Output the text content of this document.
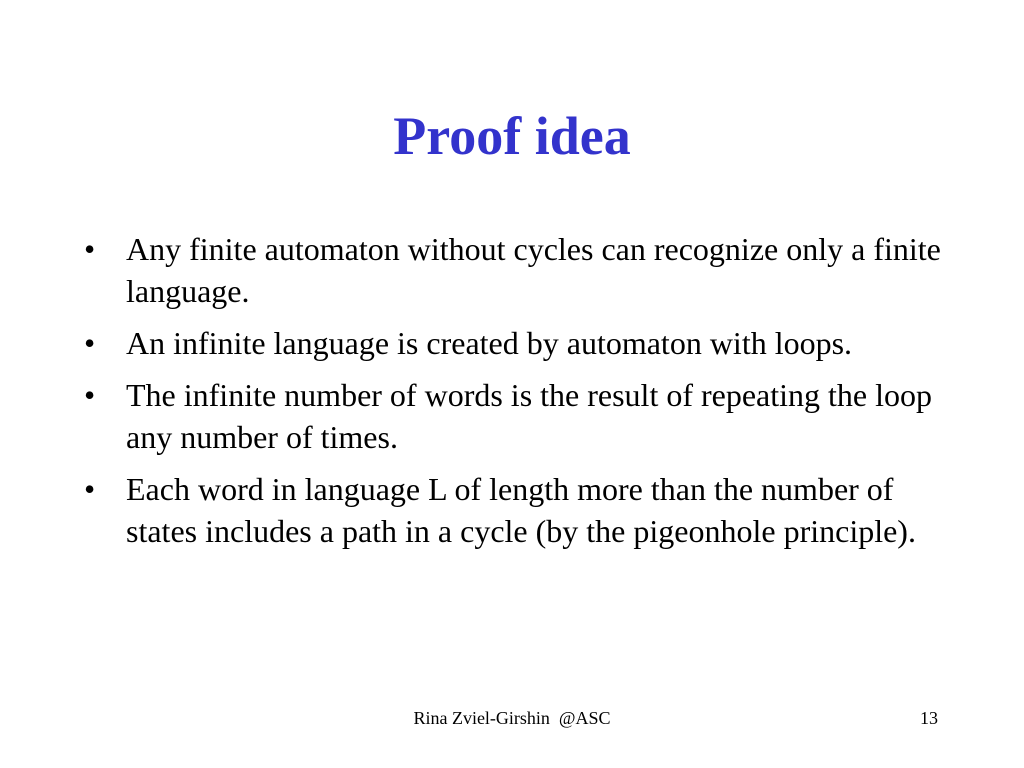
Proof idea
• Any finite automaton without cycles can recognize only a finite language.
• An infinite language is created by automaton with loops.
• The infinite number of words is the result of repeating the loop any number of times.
• Each word in language L of length more than the number of states includes a path in a cycle (by the pigeonhole principle).
Rina Zviel-Girshin  @ASC	13
